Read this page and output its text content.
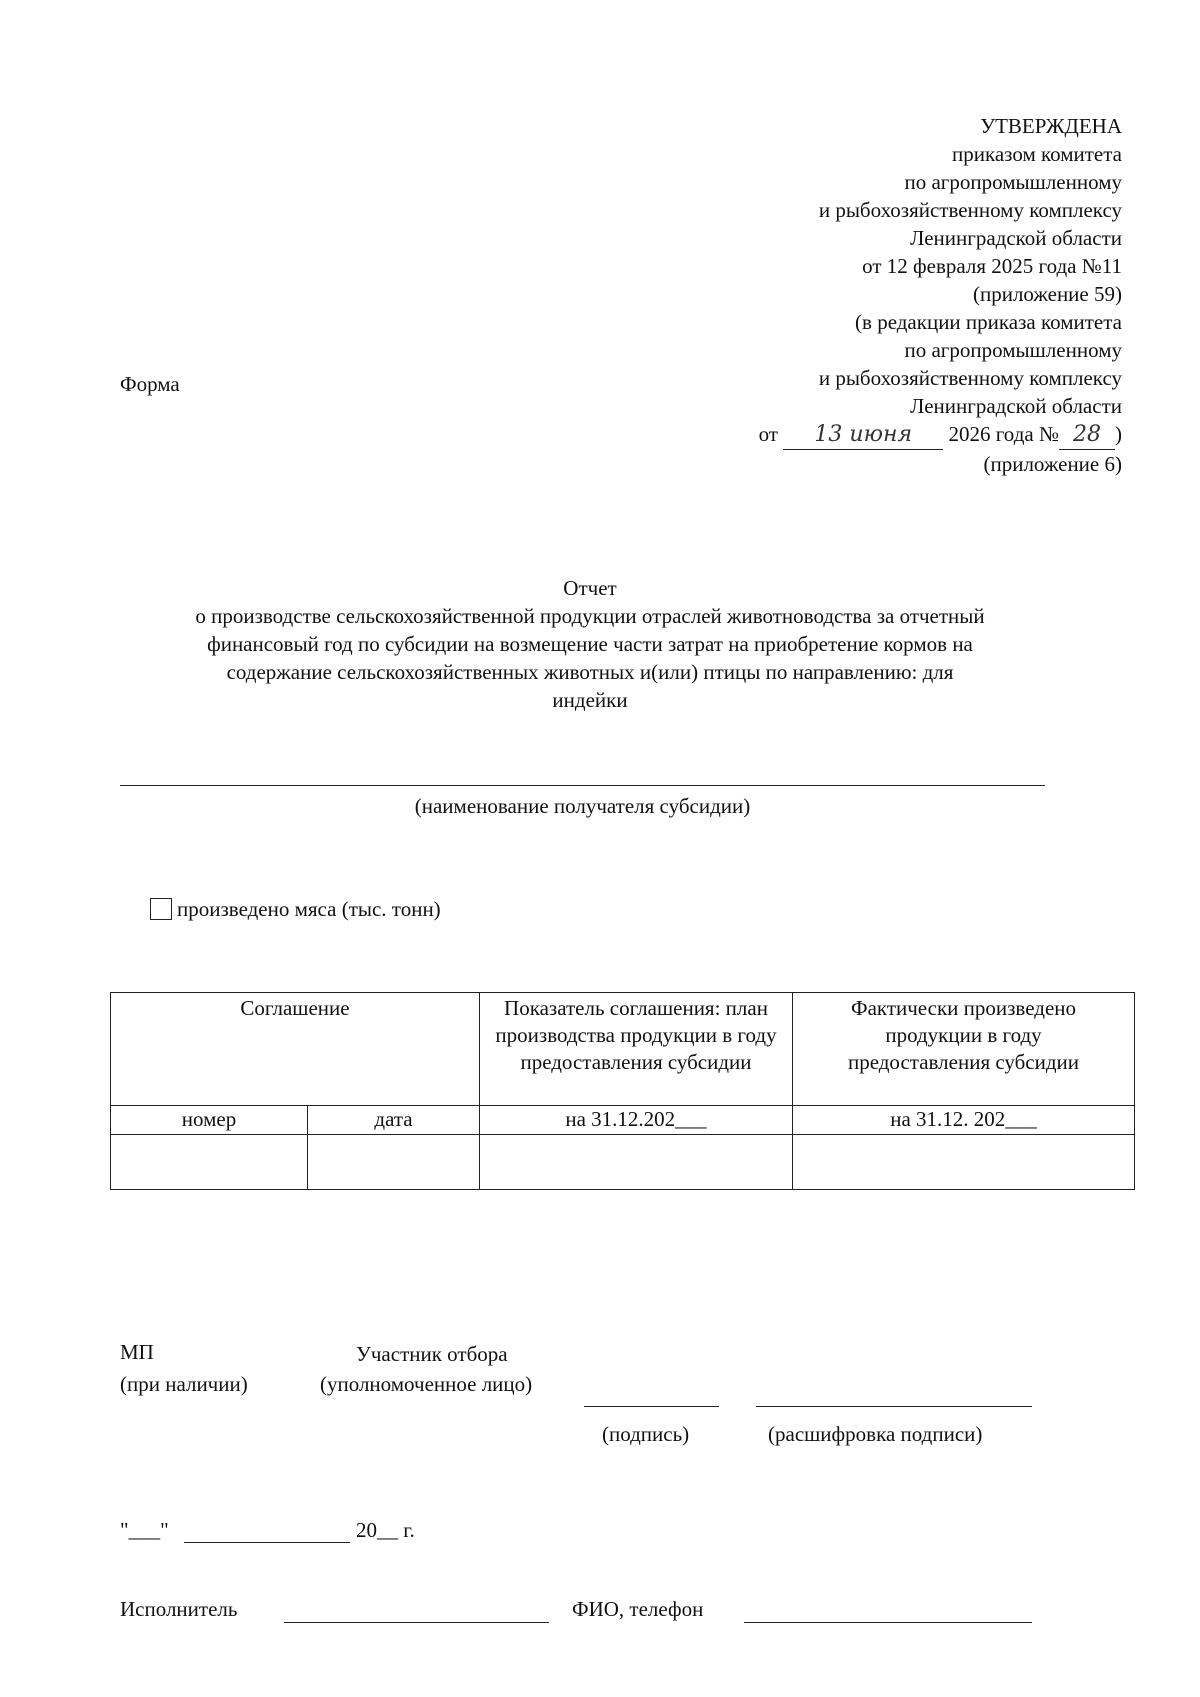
УТВЕРЖДЕНА
приказом комитета
по агропромышленному
и рыбохозяйственному комплексу
Ленинградской области
от 12 февраля 2025 года №11
(приложение 59)
(в редакции приказа комитета
по агропромышленному
и рыбохозяйственному комплексу
Ленинградской области
от 13 июня 2026 года № 28 )
(приложение 6)
Форма
Отчет
о производстве сельскохозяйственной продукции отраслей животноводства за отчетный
финансовый год по субсидии на возмещение части затрат на приобретение кормов на
содержание сельскохозяйственных животных и(или) птицы по направлению: для
индейки
(наименование получателя субсидии)
произведено мяса (тыс. тонн)
Соглашение		Показатель соглашения: план производства продукции в году предоставления субсидии	Фактически произведено продукции в году предоставления субсидии
номер	дата	на 31.12.202___	на 31.12. 202___

МП
(при наличии)
Участник отбора
(уполномоченное лицо)
(подпись)	(расшифровка подписи)
"___"	20__ г.
Исполнитель	ФИО, телефон
